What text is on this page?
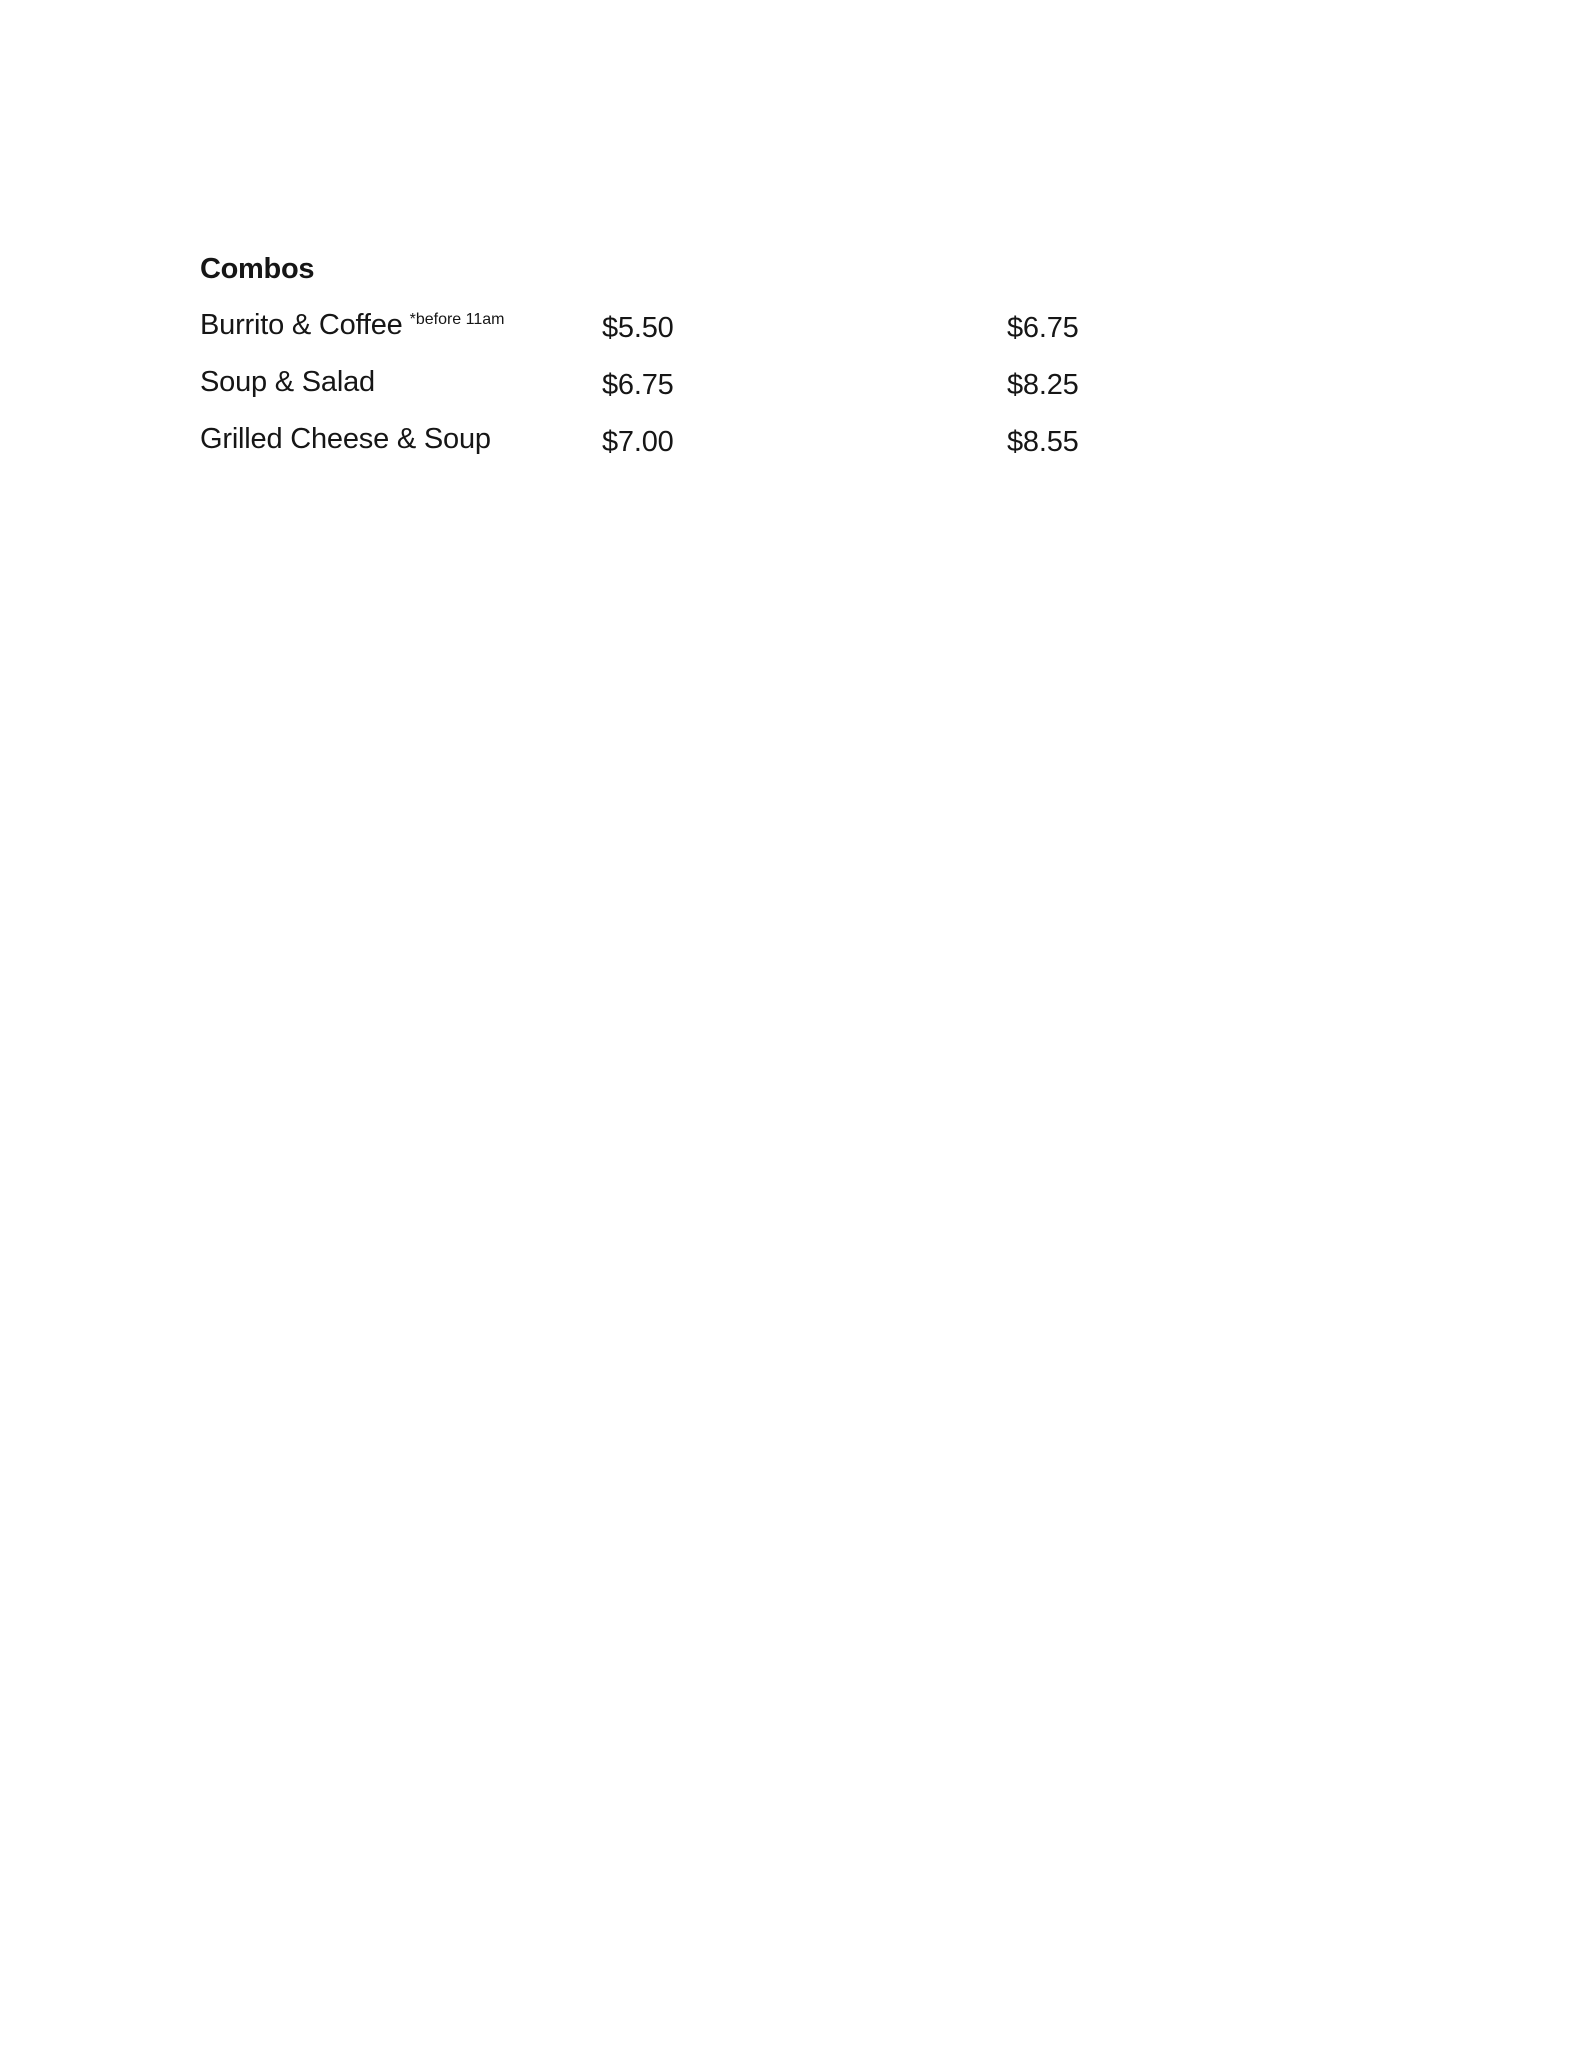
Combos
Burrito & Coffee $^{*before 11am}$	$5.50	$6.75
Soup & Salad	$6.75	$8.25
Grilled Cheese & Soup	$7.00	$8.55
